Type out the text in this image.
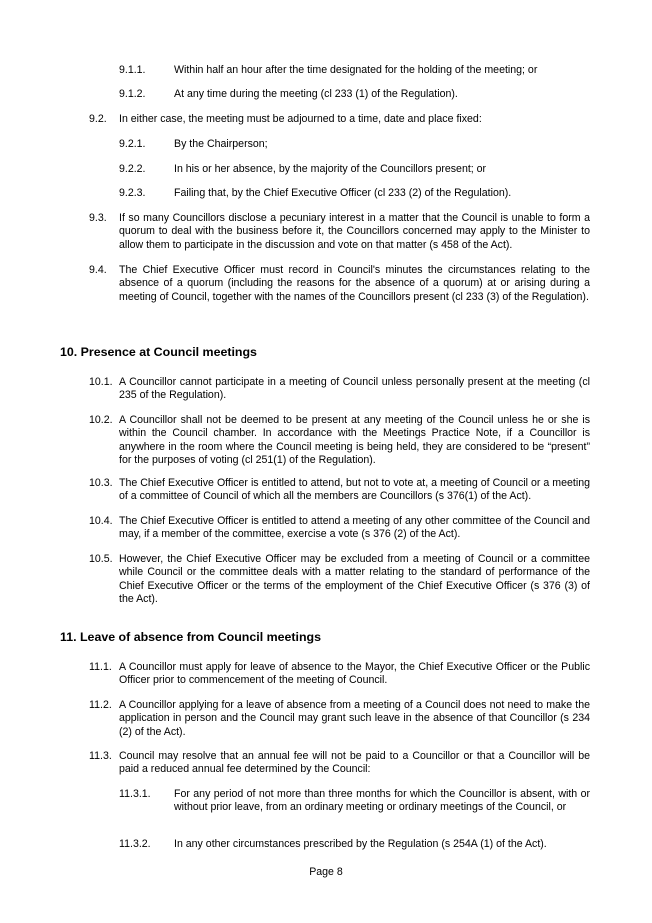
9.1.1.	Within half an hour after the time designated for the holding of the meeting; or
9.1.2.	At any time during the meeting (cl 233 (1) of the Regulation).
9.2.	In either case, the meeting must be adjourned to a time, date and place fixed:
9.2.1.	By the Chairperson;
9.2.2.	In his or her absence, by the majority of the Councillors present; or
9.2.3.	Failing that, by the Chief Executive Officer (cl 233 (2) of the Regulation).
9.3.	If so many Councillors disclose a pecuniary interest in a matter that the Council is unable to form a quorum to deal with the business before it, the Councillors concerned may apply to the Minister to allow them to participate in the discussion and vote on that matter (s 458 of the Act).
9.4.	The Chief Executive Officer must record in Council's minutes the circumstances relating to the absence of a quorum (including the reasons for the absence of a quorum) at or arising during a meeting of Council, together with the names of the Councillors present (cl 233 (3) of the Regulation).
10. Presence at Council meetings
10.1. A Councillor cannot participate in a meeting of Council unless personally present at the meeting (cl 235 of the Regulation).
10.2. A Councillor shall not be deemed to be present at any meeting of the Council unless he or she is within the Council chamber. In accordance with the Meetings Practice Note, if a Councillor is anywhere in the room where the Council meeting is being held, they are considered to be “present” for the purposes of voting (cl 251(1) of the Regulation).
10.3. The Chief Executive Officer is entitled to attend, but not to vote at, a meeting of Council or a meeting of a committee of Council of which all the members are Councillors (s 376(1) of the Act).
10.4. The Chief Executive Officer is entitled to attend a meeting of any other committee of the Council and may, if a member of the committee, exercise a vote (s 376 (2) of the Act).
10.5. However, the Chief Executive Officer may be excluded from a meeting of Council or a committee while Council or the committee deals with a matter relating to the standard of performance of the Chief Executive Officer or the terms of the employment of the Chief Executive Officer (s 376 (3) of the Act).
11. Leave of absence from Council meetings
11.1. A Councillor must apply for leave of absence to the Mayor, the Chief Executive Officer or the Public Officer prior to commencement of the meeting of Council.
11.2. A Councillor applying for a leave of absence from a meeting of a Council does not need to make the application in person and the Council may grant such leave in the absence of that Councillor (s 234 (2) of the Act).
11.3. Council may resolve that an annual fee will not be paid to a Councillor or that a Councillor will be paid a reduced annual fee determined by the Council:
11.3.1. For any period of not more than three months for which the Councillor is absent, with or without prior leave, from an ordinary meeting or ordinary meetings of the Council, or
11.3.2. In any other circumstances prescribed by the Regulation (s 254A (1) of the Act).
Page 8
